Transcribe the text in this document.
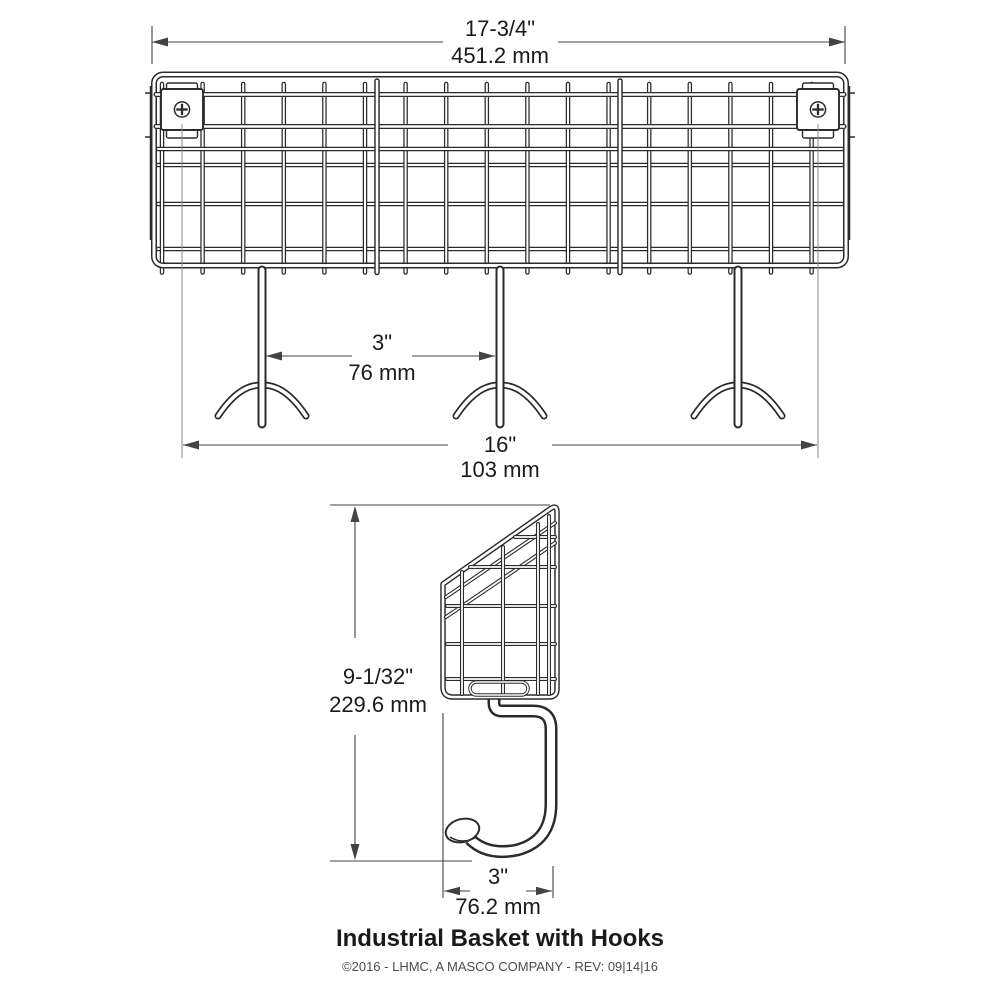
17-3/4"
451.2 mm
3"
76 mm
16"
103 mm
9-1/32"
229.6 mm
3"
76.2 mm
Industrial Basket with Hooks
©2016 - LHMC, A MASCO COMPANY - REV: 09|14|16
